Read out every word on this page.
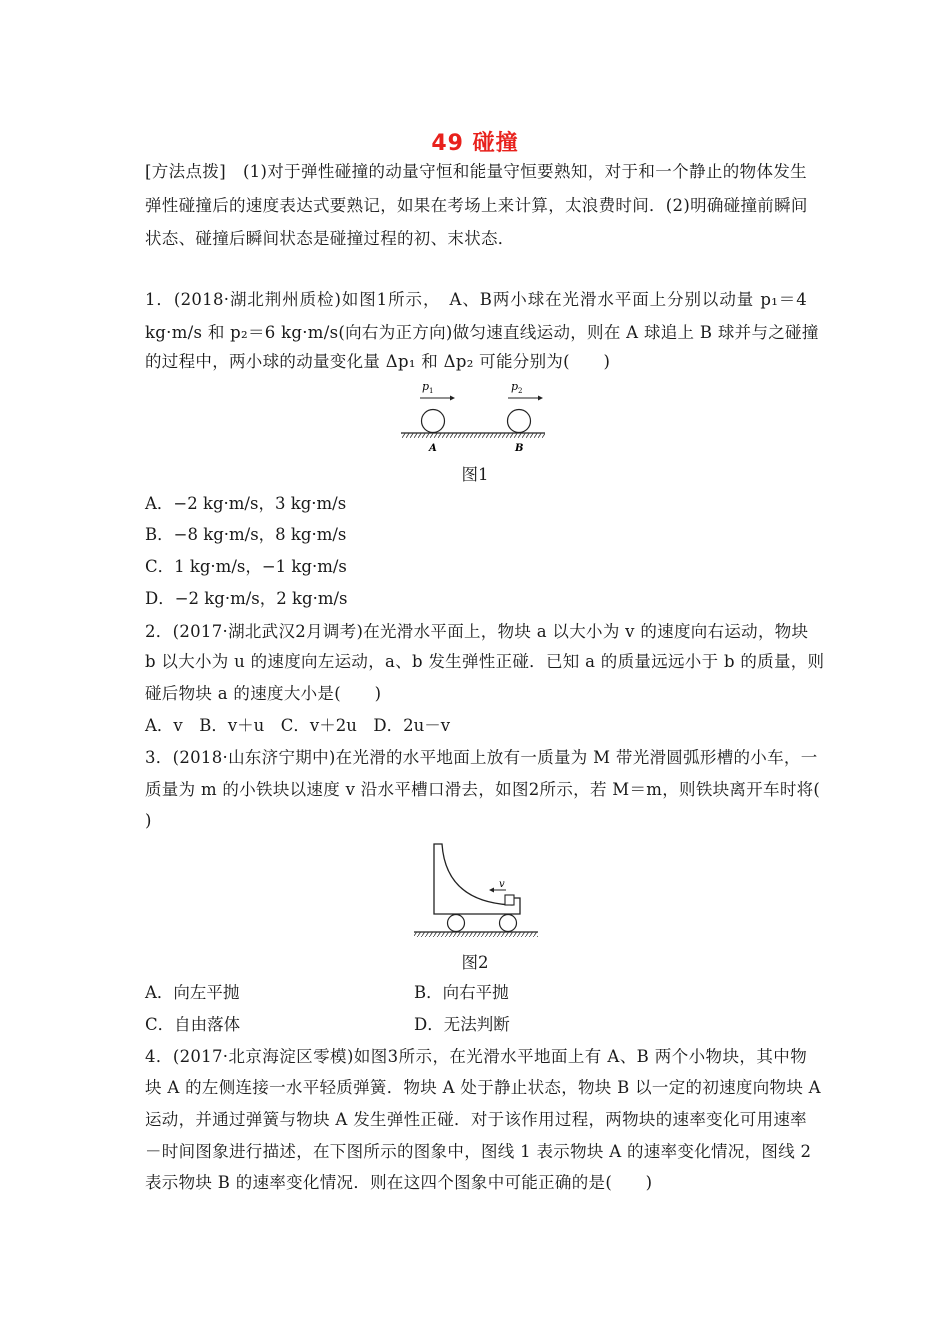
49 碰撞
[方法点拨]　(1)对于弹性碰撞的动量守恒和能量守恒要熟知，对于和一个静止的物体发生
弹性碰撞后的速度表达式要熟记，如果在考场上来计算，太浪费时间．(2)明确碰撞前瞬间
状态、碰撞后瞬间状态是碰撞过程的初、末状态．
1．(2018·湖北荆州质检)如图1所示，　A、B两小球在光滑水平面上分别以动量 p₁＝4
kg·m/s 和 p₂＝6 kg·m/s(向右为正方向)做匀速直线运动，则在 A 球追上 B 球并与之碰撞
的过程中，两小球的动量变化量 Δp₁ 和 Δp₂ 可能分别为(　　)
p 1	p 2
A	B
图1
A．−2 kg·m/s，3 kg·m/s
B．−8 kg·m/s，8 kg·m/s
C．1 kg·m/s，−1 kg·m/s
D．−2 kg·m/s，2 kg·m/s
2．(2017·湖北武汉2月调考)在光滑水平面上，物块 a 以大小为 v 的速度向右运动，物块
b 以大小为 u 的速度向左运动，a、b 发生弹性正碰．已知 a 的质量远远小于 b 的质量，则
碰后物块 a 的速度大小是(　　)
A．v　B．v＋u　C．v＋2u　D．2u－v
3．(2018·山东济宁期中)在光滑的水平地面上放有一质量为 M 带光滑圆弧形槽的小车，一
质量为 m 的小铁块以速度 v 沿水平槽口滑去，如图2所示，若 M＝m，则铁块离开车时将(
)
v
图2
A．向左平抛	B．向右平抛
C．自由落体	D．无法判断
4．(2017·北京海淀区零模)如图3所示，在光滑水平地面上有 A、B 两个小物块，其中物
块 A 的左侧连接一水平轻质弹簧．物块 A 处于静止状态，物块 B 以一定的初速度向物块 A
运动，并通过弹簧与物块 A 发生弹性正碰．对于该作用过程，两物块的速率变化可用速率
－时间图象进行描述，在下图所示的图象中，图线 1 表示物块 A 的速率变化情况，图线 2
表示物块 B 的速率变化情况．则在这四个图象中可能正确的是(　　)
